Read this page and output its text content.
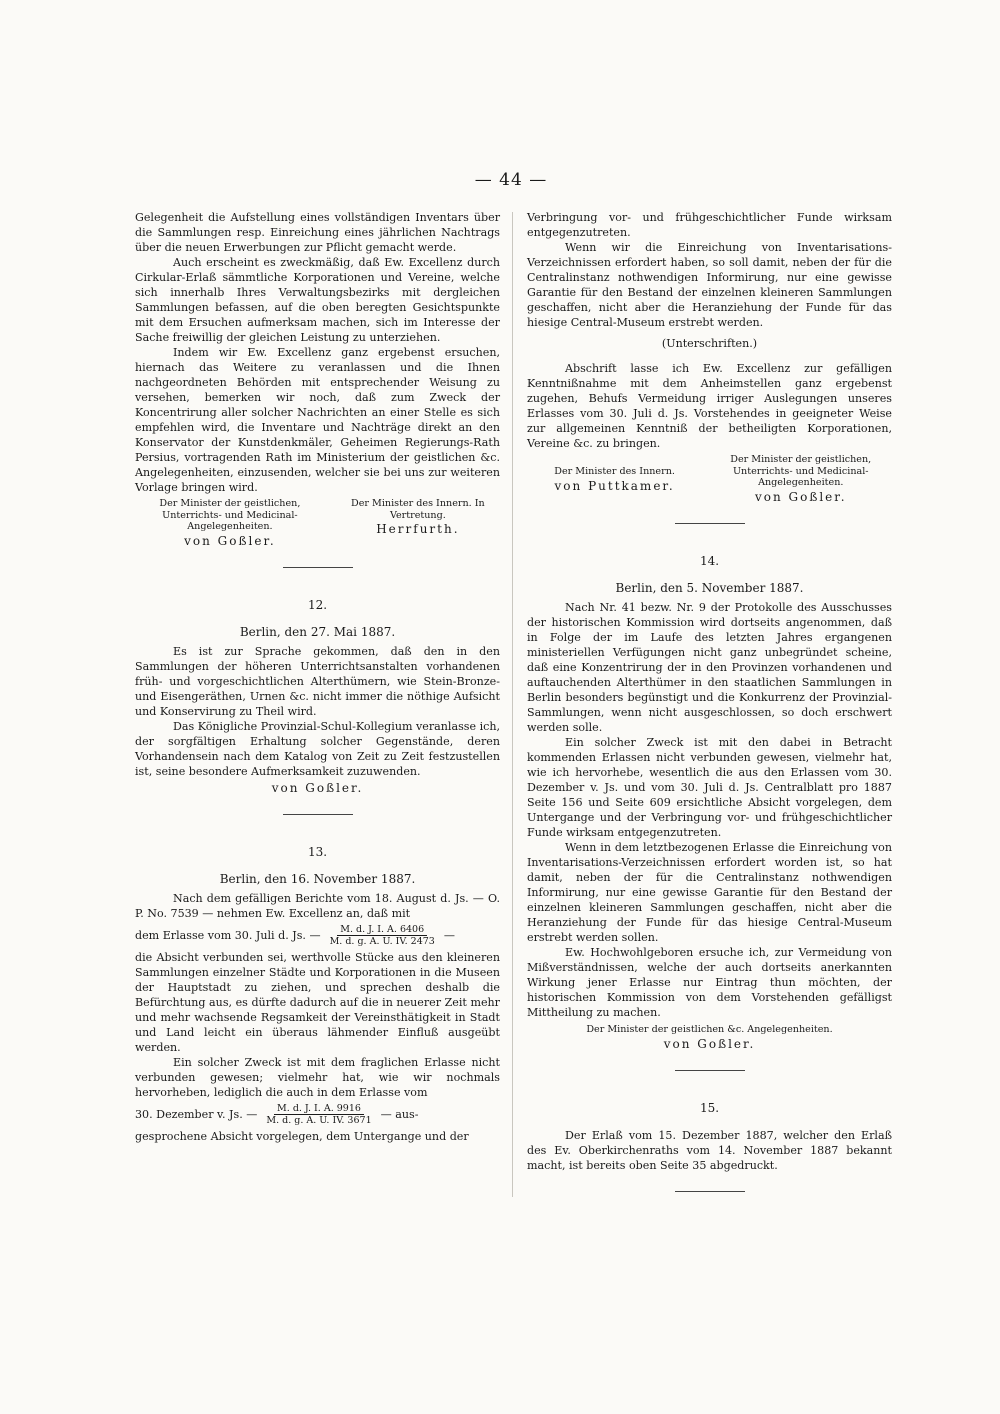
— 44 —

Gelegenheit die Aufstellung eines vollständigen Inventars über die Sammlungen resp. Einreichung eines jährlichen Nachtrags über die neuen Erwerbungen zur Pflicht gemacht werde.

Auch erscheint es zweckmäßig, daß Ew. Excellenz durch Cirkular-Erlaß sämmtliche Korporationen und Vereine, welche sich innerhalb Ihres Verwaltungsbezirks mit dergleichen Sammlungen befassen, auf die oben beregten Gesichtspunkte mit dem Ersuchen aufmerksam machen, sich im Interesse der Sache freiwillig der gleichen Leistung zu unterziehen.

Indem wir Ew. Excellenz ganz ergebenst ersuchen, hiernach das Weitere zu veranlassen und die Ihnen nachgeordneten Behörden mit entsprechender Weisung zu versehen, bemerken wir noch, daß zum Zweck der Koncentrirung aller solcher Nachrichten an einer Stelle es sich empfehlen wird, die Inventare und Nachträge direkt an den Konservator der Kunstdenkmäler, Geheimen Regierungs-Rath Persius, vortragenden Rath im Ministerium der geistlichen &c. Angelegenheiten, einzusenden, welcher sie bei uns zur weiteren Vorlage bringen wird.

Der Minister der geistlichen, Unterrichts- und Medicinal-Angelegenheiten.
von Goßler.
Der Minister des Innern. In Vertretung.
Herrfurth.
12.
Berlin, den 27. Mai 1887.

Es ist zur Sprache gekommen, daß den in den Sammlungen der höheren Unterrichtsanstalten vorhandenen früh- und vorgeschichtlichen Alterthümern, wie Stein-Bronze- und Eisengeräthen, Urnen &c. nicht immer die nöthige Aufsicht und Konservirung zu Theil wird.

Das Königliche Provinzial-Schul-Kollegium veranlasse ich, der sorgfältigen Erhaltung solcher Gegenstände, deren Vorhandensein nach dem Katalog von Zeit zu Zeit festzustellen ist, seine besondere Aufmerksamkeit zuzuwenden.

von Goßler.
13.
Berlin, den 16. November 1887.

Nach dem gefälligen Berichte vom 18. August d. Js. — O. P. No. 7539 — nehmen Ew. Excellenz an, daß mit

dem Erlasse vom 30. Juli d. Js. — $\frac{M. d. J. I. A. 6406}{M. d. g. A. U. IV. 2473}$ —

die Absicht verbunden sei, werthvolle Stücke aus den kleineren Sammlungen einzelner Städte und Korporationen in die Museen der Hauptstadt zu ziehen, und sprechen deshalb die Befürchtung aus, es dürfte dadurch auf die in neuerer Zeit mehr und mehr wachsende Regsamkeit der Vereinsthätigkeit in Stadt und Land leicht ein überaus lähmender Einfluß ausgeübt werden.

Ein solcher Zweck ist mit dem fraglichen Erlasse nicht verbunden gewesen; vielmehr hat, wie wir nochmals hervorheben, lediglich die auch in dem Erlasse vom

30. Dezember v. Js. — $\frac{M. d. J. I. A. 9916}{M. d. g. A. U. IV. 3671}$ — aus-

gesprochene Absicht vorgelegen, dem Untergange und der

Verbringung vor- und frühgeschichtlicher Funde wirksam entgegenzutreten.

Wenn wir die Einreichung von Inventarisations-Verzeichnissen erfordert haben, so soll damit, neben der für die Centralinstanz nothwendigen Informirung, nur eine gewisse Garantie für den Bestand der einzelnen kleineren Sammlungen geschaffen, nicht aber die Heranziehung der Funde für das hiesige Central-Museum erstrebt werden.

(Unterschriften.)

Abschrift lasse ich Ew. Excellenz zur gefälligen Kenntnißnahme mit dem Anheimstellen ganz ergebenst zugehen, Behufs Vermeidung irriger Auslegungen unseres Erlasses vom 30. Juli d. Js. Vorstehendes in geeigneter Weise zur allgemeinen Kenntniß der betheiligten Korporationen, Vereine &c. zu bringen.

Der Minister des Innern.
von Puttkamer.
Der Minister der geistlichen, Unterrichts- und Medicinal-Angelegenheiten.
von Goßler.
14.
Berlin, den 5. November 1887.

Nach Nr. 41 bezw. Nr. 9 der Protokolle des Ausschusses der historischen Kommission wird dortseits angenommen, daß in Folge der im Laufe des letzten Jahres ergangenen ministeriellen Verfügungen nicht ganz unbegründet scheine, daß eine Konzentrirung der in den Provinzen vorhandenen und auftauchenden Alterthümer in den staatlichen Sammlungen in Berlin besonders begünstigt und die Konkurrenz der Provinzial-Sammlungen, wenn nicht ausgeschlossen, so doch erschwert werden solle.

Ein solcher Zweck ist mit den dabei in Betracht kommenden Erlassen nicht verbunden gewesen, vielmehr hat, wie ich hervorhebe, wesentlich die aus den Erlassen vom 30. Dezember v. Js. und vom 30. Juli d. Js. Centralblatt pro 1887 Seite 156 und Seite 609 ersichtliche Absicht vorgelegen, dem Untergange und der Verbringung vor- und frühgeschichtlicher Funde wirksam entgegenzutreten.

Wenn in dem letztbezogenen Erlasse die Einreichung von Inventarisations-Verzeichnissen erfordert worden ist, so hat damit, neben der für die Centralinstanz nothwendigen Informirung, nur eine gewisse Garantie für den Bestand der einzelnen kleineren Sammlungen geschaffen, nicht aber die Heranziehung der Funde für das hiesige Central-Museum erstrebt werden sollen.

Ew. Hochwohlgeboren ersuche ich, zur Vermeidung von Mißverständnissen, welche der auch dortseits anerkannten Wirkung jener Erlasse nur Eintrag thun möchten, der historischen Kommission von dem Vorstehenden gefälligst Mittheilung zu machen.

Der Minister der geistlichen &c. Angelegenheiten.
von Goßler.
15.

Der Erlaß vom 15. Dezember 1887, welcher den Erlaß des Ev. Oberkirchenraths vom 14. November 1887 bekannt macht, ist bereits oben Seite 35 abgedruckt.
